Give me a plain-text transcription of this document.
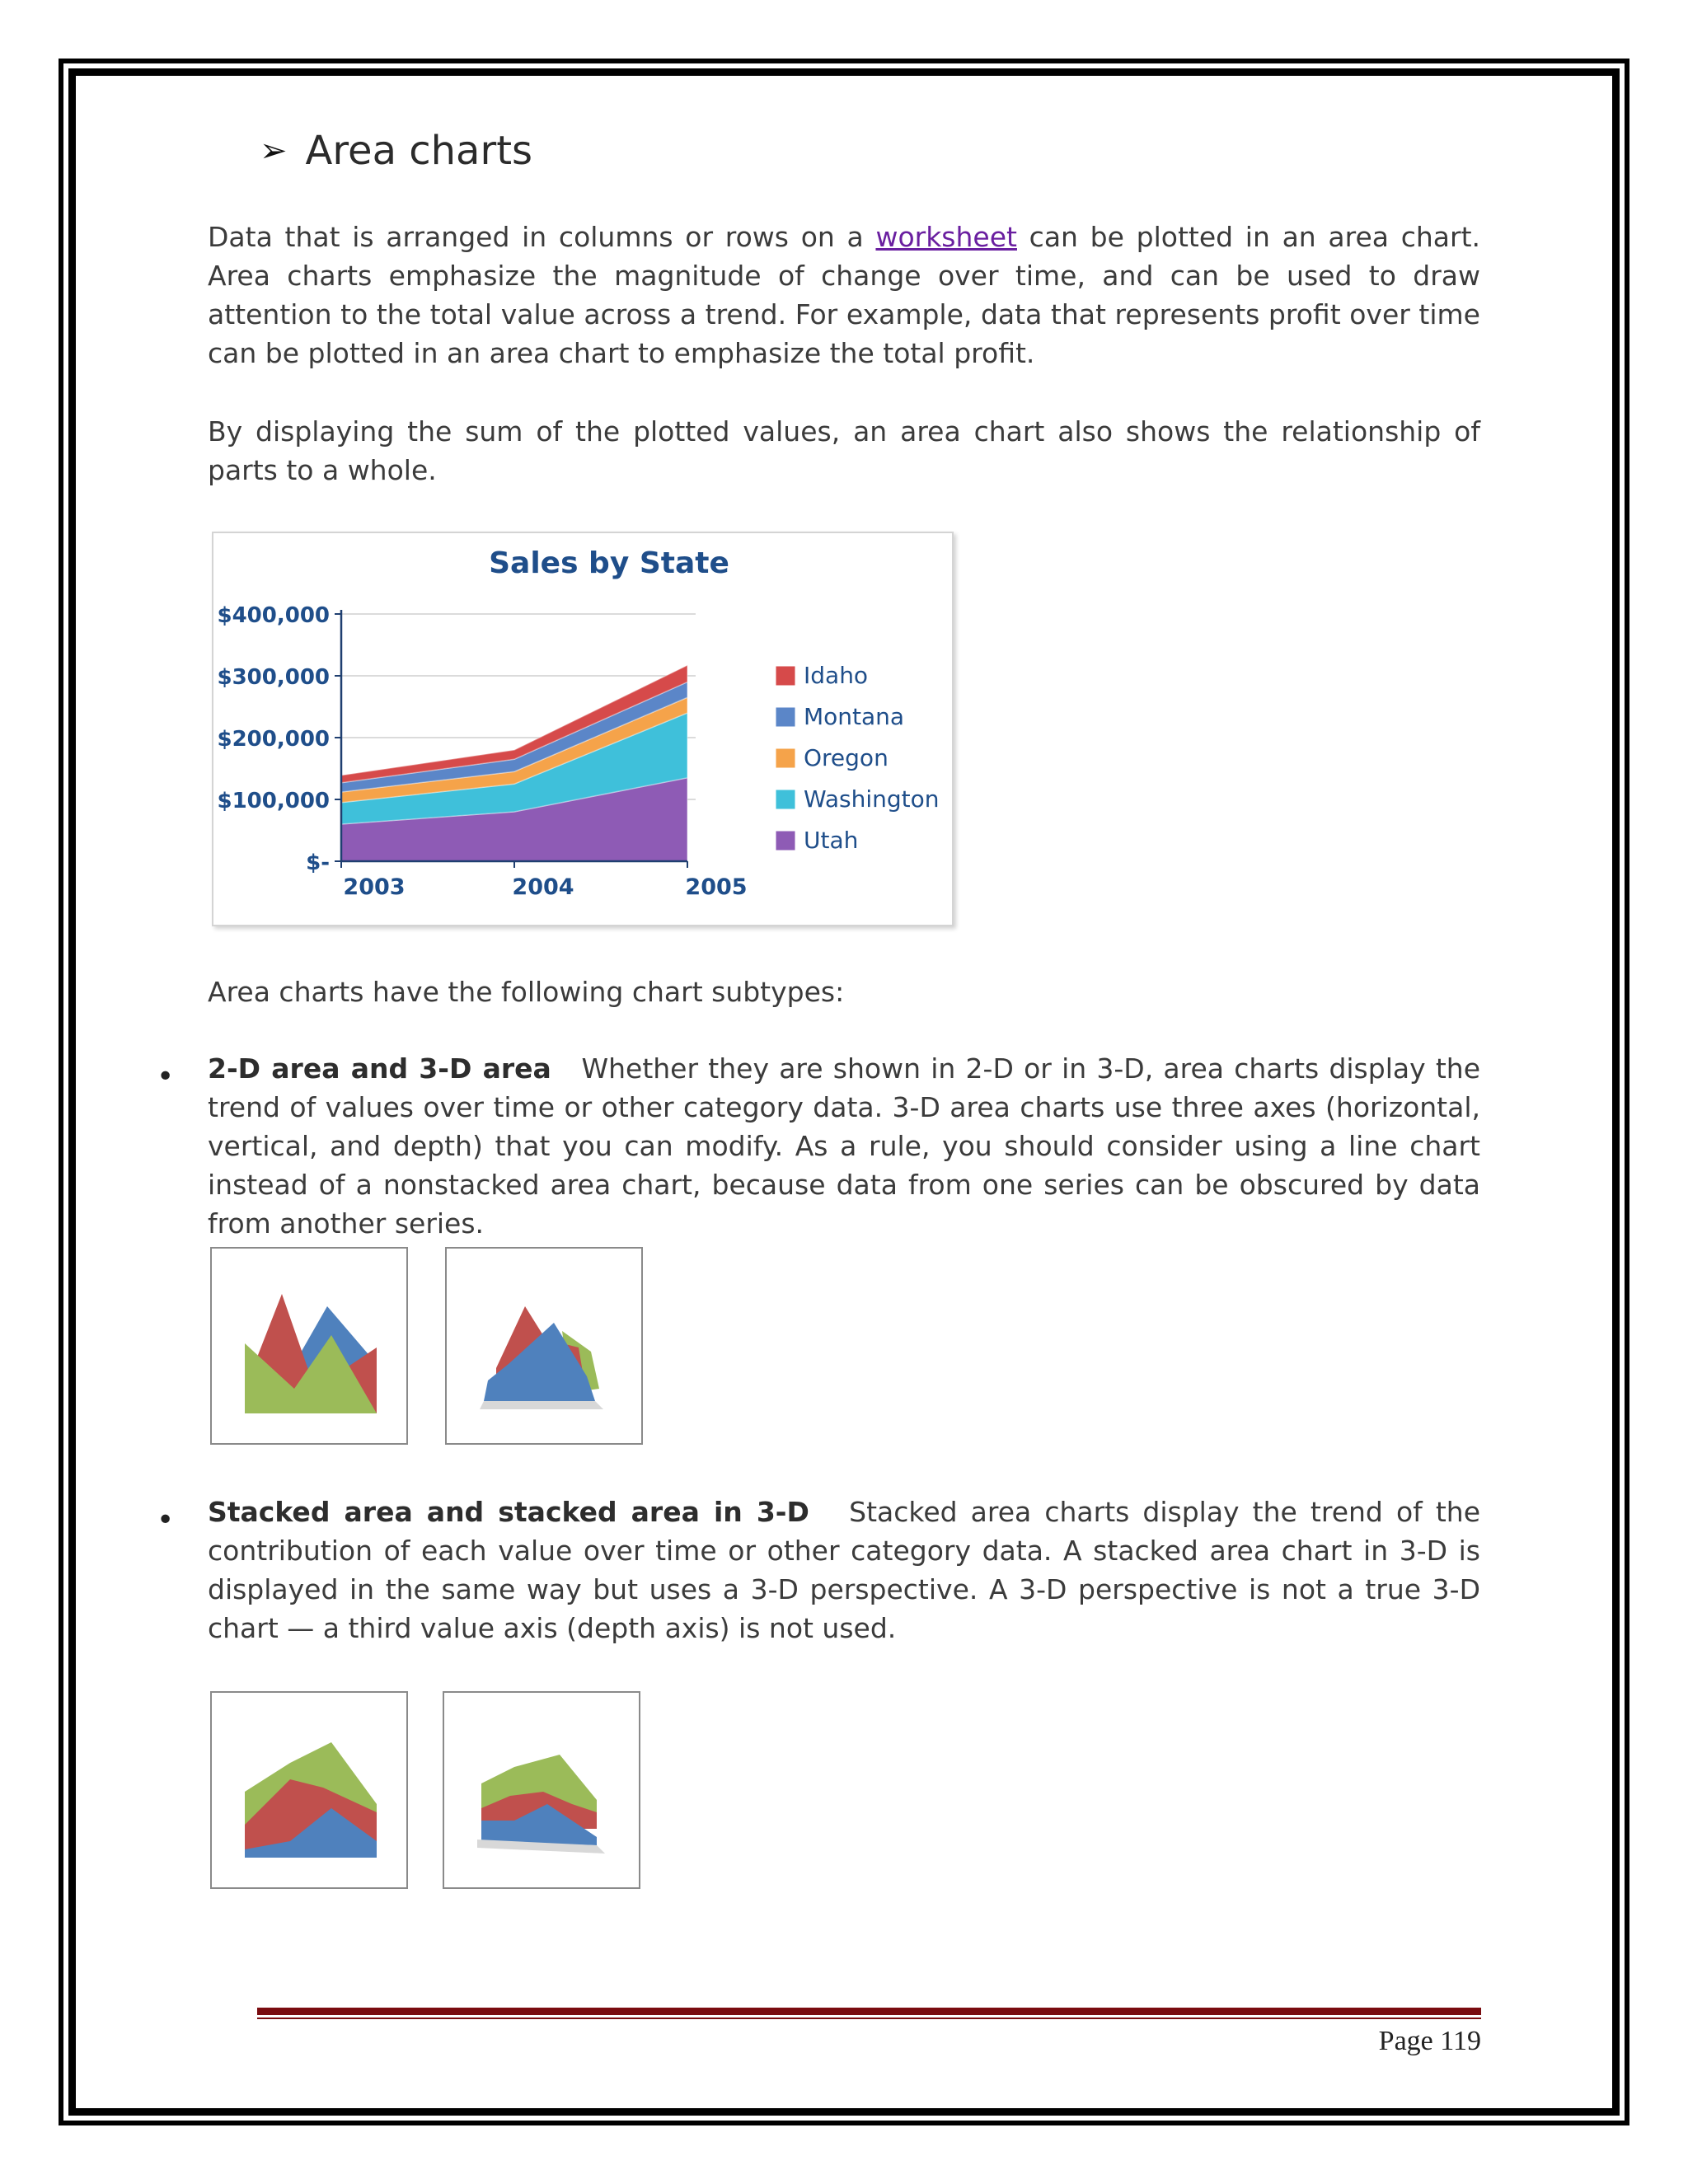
➢ Area charts
Data that is arranged in columns or rows on a worksheet can be plotted in an area chart. Area charts emphasize the magnitude of change over time, and can be used to draw attention to the total value across a trend. For example, data that represents profit over time can be plotted in an area chart to emphasize the total profit.
By displaying the sum of the plotted values, an area chart also shows the relationship of parts to a whole.
Sales by State
$400,000
$300,000
$200,000
$100,000
$-
2003	2004	2005
Idaho
Montana
Oregon
Washington
Utah
Area charts have the following chart subtypes:
• 2-D area and 3-D area   Whether they are shown in 2-D or in 3-D, area charts display the trend of values over time or other category data. 3-D area charts use three axes (horizontal, vertical, and depth) that you can modify. As a rule, you should consider using a line chart instead of a nonstacked area chart, because data from one series can be obscured by data from another series.
• Stacked area and stacked area in 3-D   Stacked area charts display the trend of the contribution of each value over time or other category data. A stacked area chart in 3-D is displayed in the same way but uses a 3-D perspective. A 3-D perspective is not a true 3-D chart — a third value axis (depth axis) is not used.
Page 119
